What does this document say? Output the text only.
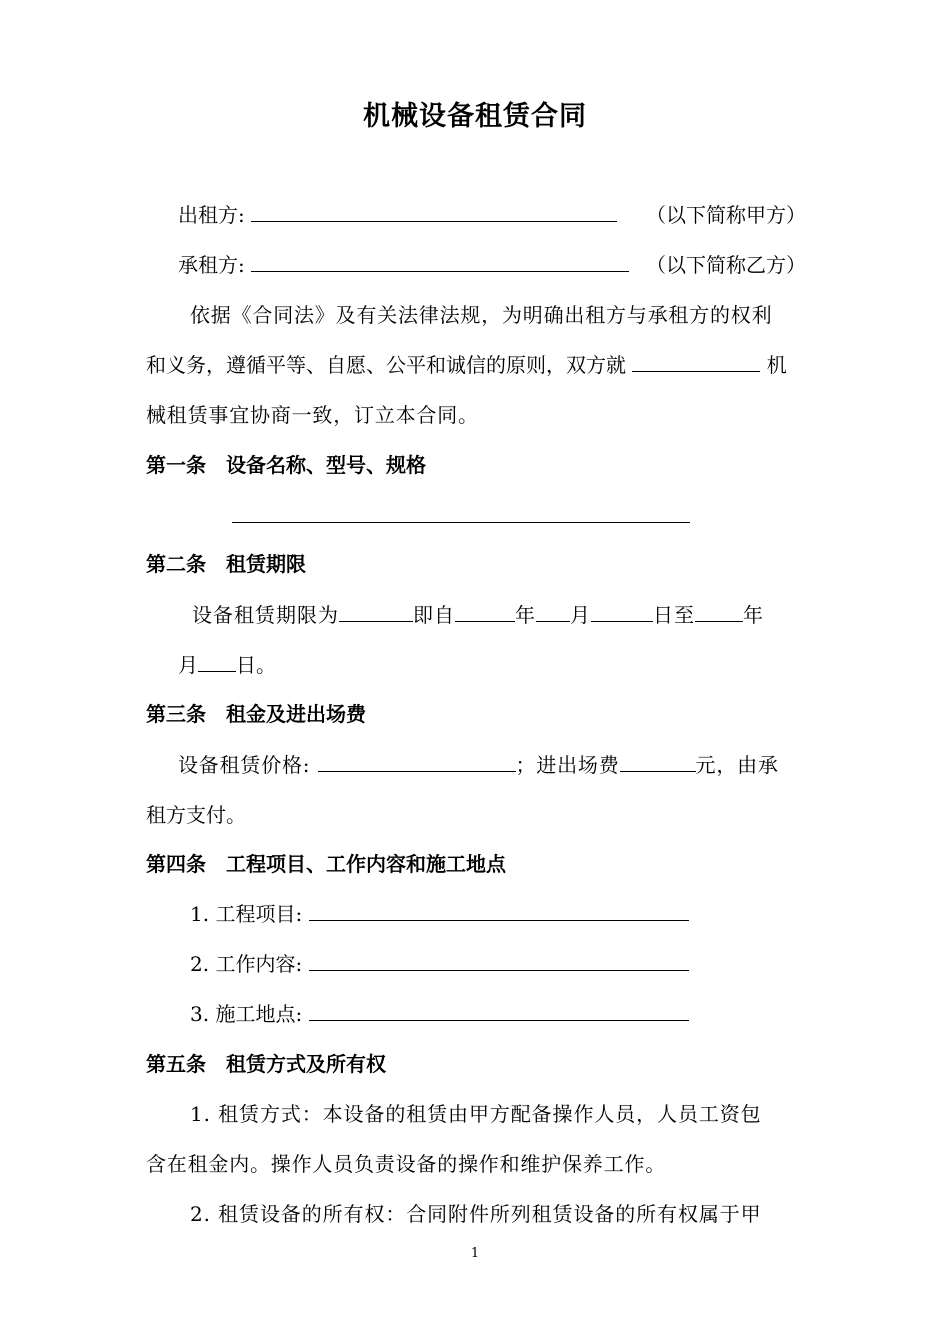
机械设备租赁合同
出租方:	（以下简称甲方）
承租方:	（以下简称乙方）
依据《合同法》及有关法律法规，为明确出租方与承租方的权利
和义务，遵循平等、自愿、公平和诚信的原则，双方就	机
械租赁事宜协商一致，订立本合同。
第一条　设备名称、型号、规格
第二条　租赁期限
设备租赁期限为	即自	年 月	日至 年
月 日。
第三条　租金及进出场费
设备租赁价格:	；进出场费	元，由承
租方支付。
第四条　工程项目、工作内容和施工地点
1. 工程项目:
2. 工作内容:
3. 施工地点:
第五条　租赁方式及所有权
1. 租赁方式：本设备的租赁由甲方配备操作人员，人员工资包
含在租金内。操作人员负责设备的操作和维护保养工作。
2. 租赁设备的所有权：合同附件所列租赁设备的所有权属于甲
1
